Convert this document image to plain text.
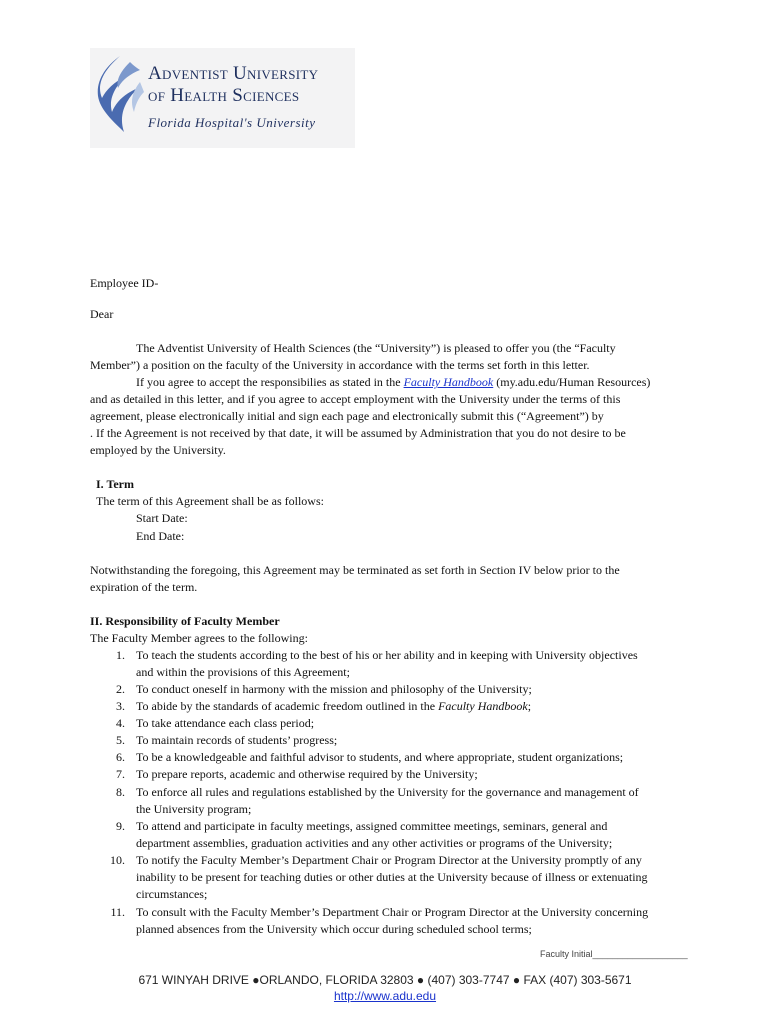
Adventist University
of Health Sciences
Florida Hospital's University
Employee ID-
Dear
The Adventist University of Health Sciences (the “University”) is pleased to offer you (the “Faculty
Member”) a position on the faculty of the University in accordance with the terms set forth in this letter.
If you agree to accept the responsibilies as stated in the Faculty Handbook (my.adu.edu/Human Resources)
and as detailed in this letter, and if you agree to accept employment with the University under the terms of this
agreement, please electronically initial and sign each page and electronically submit this (“Agreement”) by
. If the Agreement is not received by that date, it will be assumed by Administration that you do not desire to be
employed by the University.
I. Term
The term of this Agreement shall be as follows:
Start Date:
End Date:
Notwithstanding the foregoing, this Agreement may be terminated as set forth in Section IV below prior to the
expiration of the term.
II. Responsibility of Faculty Member
The Faculty Member agrees to the following:
1. To teach the students according to the best of his or her ability and in keeping with University objectives
and within the provisions of this Agreement;
2. To conduct oneself in harmony with the mission and philosophy of the University;
3. To abide by the standards of academic freedom outlined in the Faculty Handbook;
4. To take attendance each class period;
5. To maintain records of students’ progress;
6. To be a knowledgeable and faithful advisor to students, and where appropriate, student organizations;
7. To prepare reports, academic and otherwise required by the University;
8. To enforce all rules and regulations established by the University for the governance and management of
the University program;
9. To attend and participate in faculty meetings, assigned committee meetings, seminars, general and
department assemblies, graduation activities and any other activities or programs of the University;
10. To notify the Faculty Member’s Department Chair or Program Director at the University promptly of any
inability to be present for teaching duties or other duties at the University because of illness or extenuating
circumstances;
11. To consult with the Faculty Member’s Department Chair or Program Director at the University concerning
planned absences from the University which occur during scheduled school terms;
Faculty Initial___________________
671 WINYAH DRIVE ●ORLANDO, FLORIDA 32803 ● (407) 303-7747 ● FAX (407) 303-5671
http://www.adu.edu
